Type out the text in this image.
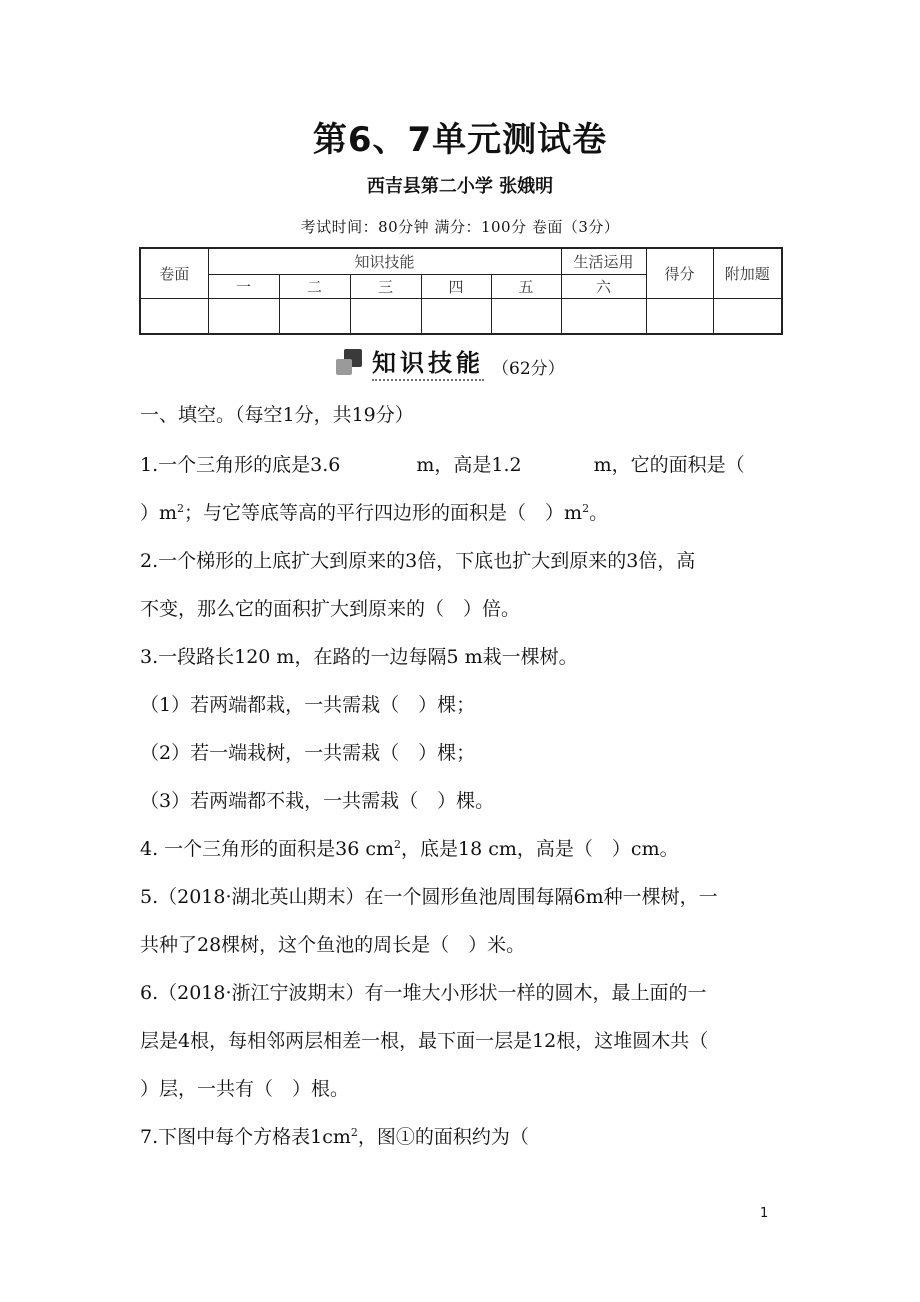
第6、7单元测试卷
西吉县第二小学 张娥明
考试时间：80分钟 满分：100分 卷面（3分）
卷面	知识技能					生活运用	得分	附加题
	一	二	三	四	五	六		

知识技能 （62分）
一、填空。（每空1分，共19分）
1.一个三角形的底是3.6	m，高是1.2	m，它的面积是（
）$m^2$；与它等底等高的平行四边形的面积是（　）$m^2$。
2.一个梯形的上底扩大到原来的3倍，下底也扩大到原来的3倍，高
不变，那么它的面积扩大到原来的（　）倍。
3.一段路长120 m，在路的一边每隔5 m栽一棵树。
（1）若两端都栽，一共需栽（　）棵；
（2）若一端栽树，一共需栽（　）棵；
（3）若两端都不栽，一共需栽（　）棵。
4. 一个三角形的面积是36 $cm^2$，底是18 cm，高是（　）cm。
5.（2018·湖北英山期末）在一个圆形鱼池周围每隔6m种一棵树，一
共种了28棵树，这个鱼池的周长是（　）米。
6.（2018·浙江宁波期末）有一堆大小形状一样的圆木，最上面的一
层是4根，每相邻两层相差一根，最下面一层是12根，这堆圆木共（
）层，一共有（　）根。
7.下图中每个方格表$1cm^2$，图①的面积约为（
1
